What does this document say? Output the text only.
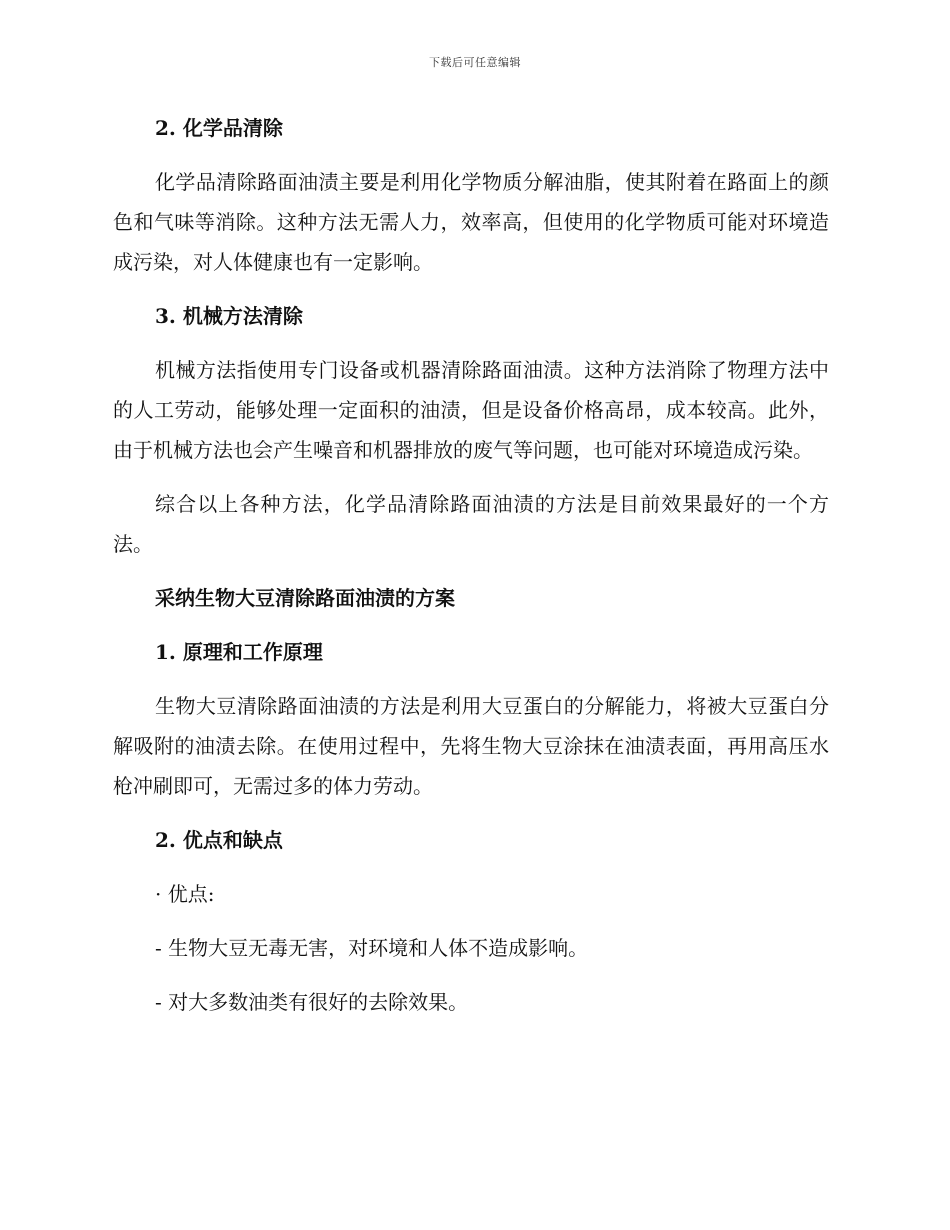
下载后可任意编辑

2. 化学品清除

化学品清除路面油渍主要是利用化学物质分解油脂，使其附着在路面上的颜色和气味等消除。这种方法无需人力，效率高，但使用的化学物质可能对环境造成污染，对人体健康也有一定影响。

3. 机械方法清除

机械方法指使用专门设备或机器清除路面油渍。这种方法消除了物理方法中的人工劳动，能够处理一定面积的油渍，但是设备价格高昂，成本较高。此外，由于机械方法也会产生噪音和机器排放的废气等问题，也可能对环境造成污染。

综合以上各种方法，化学品清除路面油渍的方法是目前效果最好的一个方法。

采纳生物大豆清除路面油渍的方案

1. 原理和工作原理

生物大豆清除路面油渍的方法是利用大豆蛋白的分解能力，将被大豆蛋白分解吸附的油渍去除。在使用过程中，先将生物大豆涂抹在油渍表面，再用高压水枪冲刷即可，无需过多的体力劳动。

2. 优点和缺点

· 优点:

- 生物大豆无毒无害，对环境和人体不造成影响。

- 对大多数油类有很好的去除效果。
